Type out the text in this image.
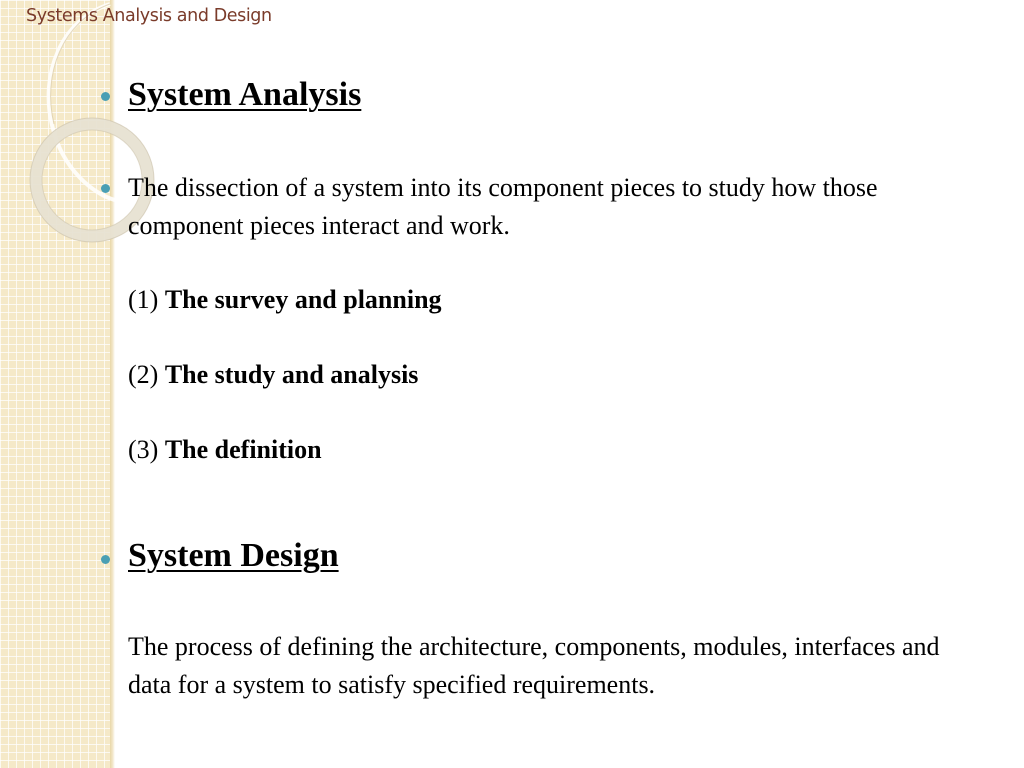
Systems Analysis and Design
System Analysis
The dissection of a system into its component pieces to study how those component pieces interact and work.
(1) The survey and planning
(2) The study and analysis
(3) The definition
System Design
The process of defining the architecture, components, modules, interfaces and data for a system to satisfy specified requirements.
